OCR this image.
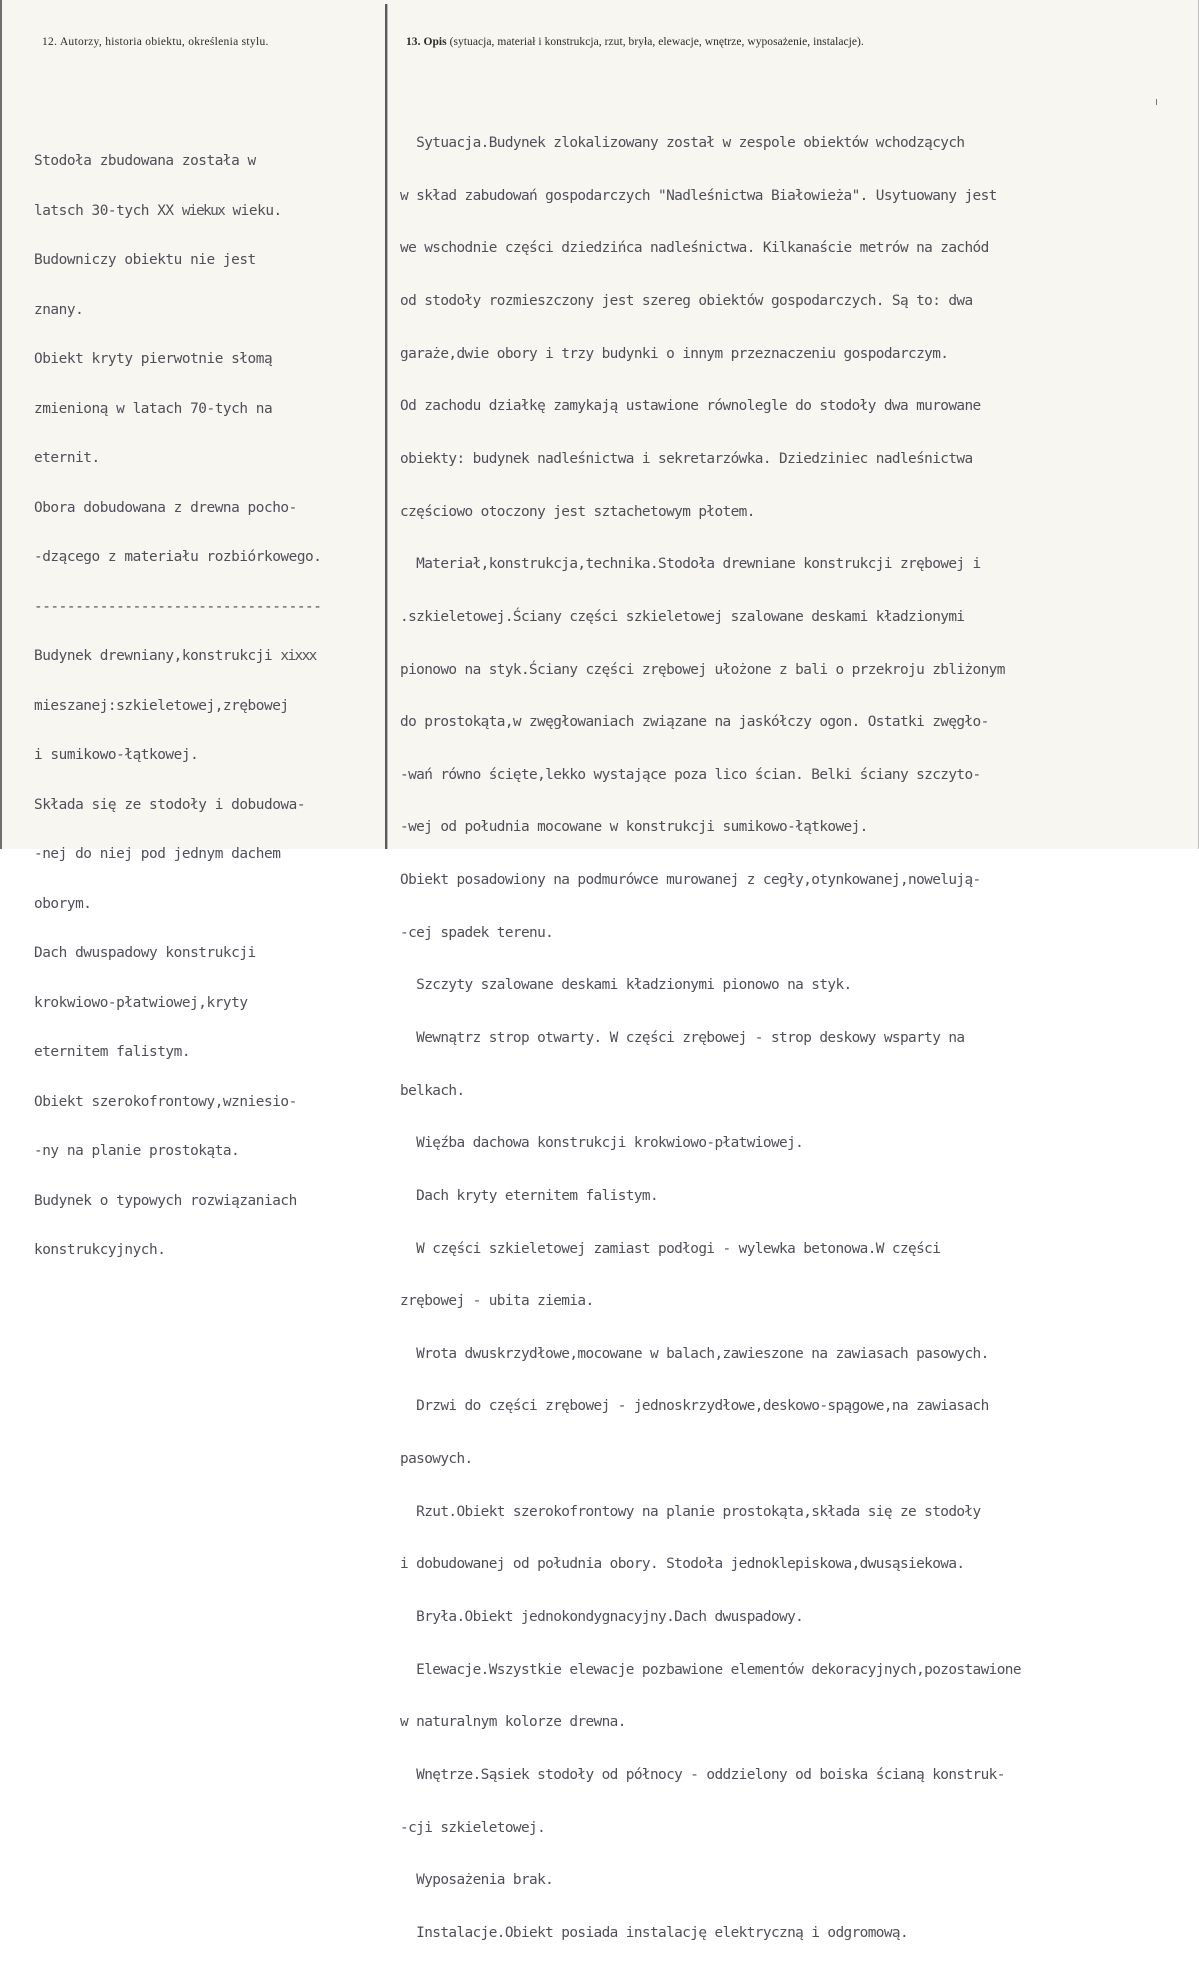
12. Autorzy, historia obiektu, określenia stylu.	13. Opis (sytuacja, materiał i konstrukcja, rzut, bryła, elewacje, wnętrze, wyposażenie, instalacje).

Stodoła zbudowana została w

latsch 30-tych XX wiekux wieku.

Budowniczy obiektu nie jest

znany.

Obiekt kryty pierwotnie słomą

zmienioną w latach 70-tych na

eternit.

Obora dobudowana z drewna pocho-

-dzącego z materiału rozbiórkowego.

-----------------------------------

Budynek drewniany,konstrukcji xixxx

mieszanej:szkieletowej,zrębowej

i sumikowo-łątkowej.

Składa się ze stodoły i dobudowa-

-nej do niej pod jednym dachem

oborym.

Dach dwuspadowy konstrukcji

krokwiowo-płatwiowej,kryty

eternitem falistym.

Obiekt szerokofrontowy,wzniesio-

-ny na planie prostokąta.

Budynek o typowych rozwiązaniach

konstrukcyjnych.

Sytuacja.Budynek zlokalizowany został w zespole obiektów wchodzących

w skład zabudowań gospodarczych "Nadleśnictwa Białowieża". Usytuowany jest

we wschodnie części dziedzińca nadleśnictwa. Kilkanaście metrów na zachód

od stodoły rozmieszczony jest szereg obiektów gospodarczych. Są to: dwa

garaże,dwie obory i trzy budynki o innym przeznaczeniu gospodarczym.

Od zachodu działkę zamykają ustawione równolegle do stodoły dwa murowane

obiekty: budynek nadleśnictwa i sekretarzówka. Dziedziniec nadleśnictwa

częściowo otoczony jest sztachetowym płotem.

Materiał,konstrukcja,technika.Stodoła drewniane konstrukcji zrębowej i

.szkieletowej.Ściany części szkieletowej szalowane deskami kładzionymi

pionowo na styk.Ściany części zrębowej ułożone z bali o przekroju zbliżonym

do prostokąta,w zwęgłowaniach związane na jaskółczy ogon. Ostatki zwęgło-

-wań równo ścięte,lekko wystające poza lico ścian. Belki ściany szczyto-

-wej od południa mocowane w konstrukcji sumikowo-łątkowej.

Obiekt posadowiony na podmurówce murowanej z cegły,otynkowanej,nowelują-

-cej spadek terenu.

Szczyty szalowane deskami kładzionymi pionowo na styk.

Wewnątrz strop otwarty. W części zrębowej - strop deskowy wsparty na

belkach.

Więźba dachowa konstrukcji krokwiowo-płatwiowej.

Dach kryty eternitem falistym.

W części szkieletowej zamiast podłogi - wylewka betonowa.W części

zrębowej - ubita ziemia.

Wrota dwuskrzydłowe,mocowane w balach,zawieszone na zawiasach pasowych.

Drzwi do części zrębowej - jednoskrzydłowe,deskowo-spągowe,na zawiasach

pasowych.

Rzut.Obiekt szerokofrontowy na planie prostokąta,składa się ze stodoły

i dobudowanej od południa obory. Stodoła jednoklepiskowa,dwusąsiekowa.

Bryła.Obiekt jednokondygnacyjny.Dach dwuspadowy.

Elewacje.Wszystkie elewacje pozbawione elementów dekoracyjnych,pozostawione

w naturalnym kolorze drewna.

Wnętrze.Sąsiek stodoły od północy - oddzielony od boiska ścianą konstruk-

-cji szkieletowej.

Wyposażenia brak.

Instalacje.Obiekt posiada instalację elektryczną i odgromową.
